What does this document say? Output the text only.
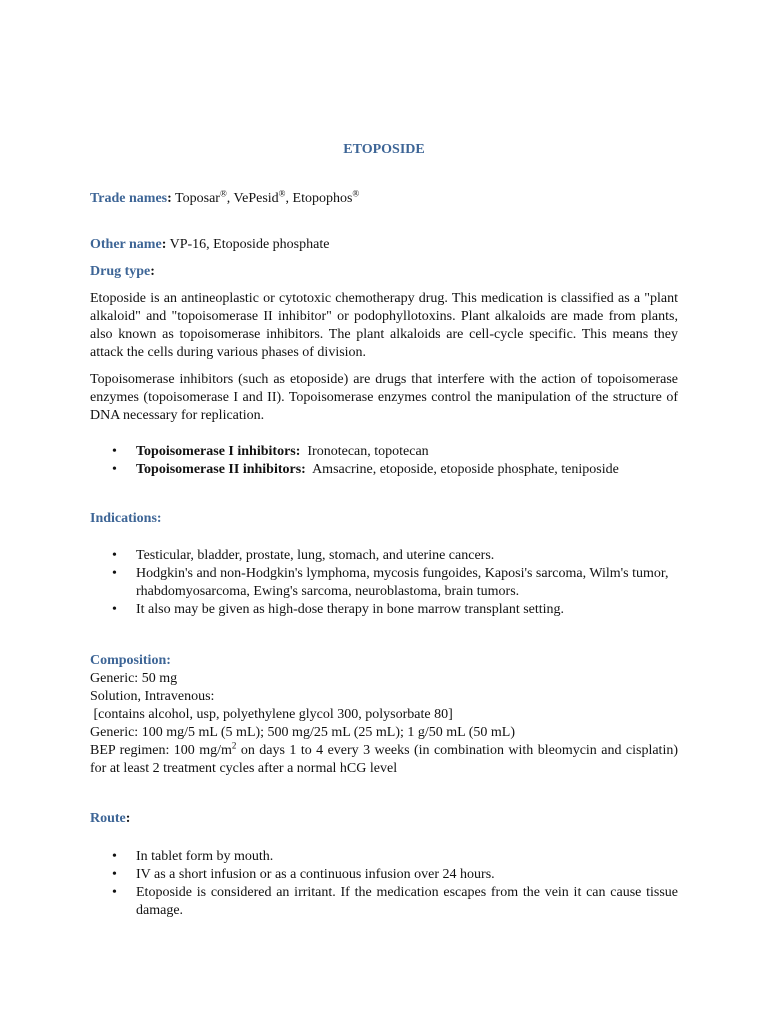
ETOPOSIDE
Trade names: Toposar®, VePesid®, Etopophos®
Other name: VP-16, Etoposide phosphate
Drug type:
Etoposide is an antineoplastic or cytotoxic chemotherapy drug. This medication is classified as a "plant alkaloid" and "topoisomerase II inhibitor" or podophyllotoxins. Plant alkaloids are made from plants, also known as topoisomerase inhibitors. The plant alkaloids are cell-cycle specific. This means they attack the cells during various phases of division.
Topoisomerase inhibitors (such as etoposide) are drugs that interfere with the action of topoisomerase enzymes (topoisomerase I and II). Topoisomerase enzymes control the manipulation of the structure of DNA necessary for replication.
• Topoisomerase I inhibitors:  Ironotecan, topotecan
• Topoisomerase II inhibitors:  Amsacrine, etoposide, etoposide phosphate, teniposide
Indications:
• Testicular, bladder, prostate, lung, stomach, and uterine cancers.
• Hodgkin's and non-Hodgkin's lymphoma, mycosis fungoides, Kaposi's sarcoma, Wilm's tumor, rhabdomyosarcoma, Ewing's sarcoma, neuroblastoma, brain tumors.
• It also may be given as high-dose therapy in bone marrow transplant setting.
Composition:
Generic: 50 mg
Solution, Intravenous:
[contains alcohol, usp, polyethylene glycol 300, polysorbate 80]
Generic: 100 mg/5 mL (5 mL); 500 mg/25 mL (25 mL); 1 g/50 mL (50 mL)
BEP regimen: 100 $mg/m^2$ on days 1 to 4 every 3 weeks (in combination with bleomycin and cisplatin) for at least 2 treatment cycles after a normal hCG level
Route:
• In tablet form by mouth.
• IV as a short infusion or as a continuous infusion over 24 hours.
• Etoposide is considered an irritant. If the medication escapes from the vein it can cause tissue damage.
